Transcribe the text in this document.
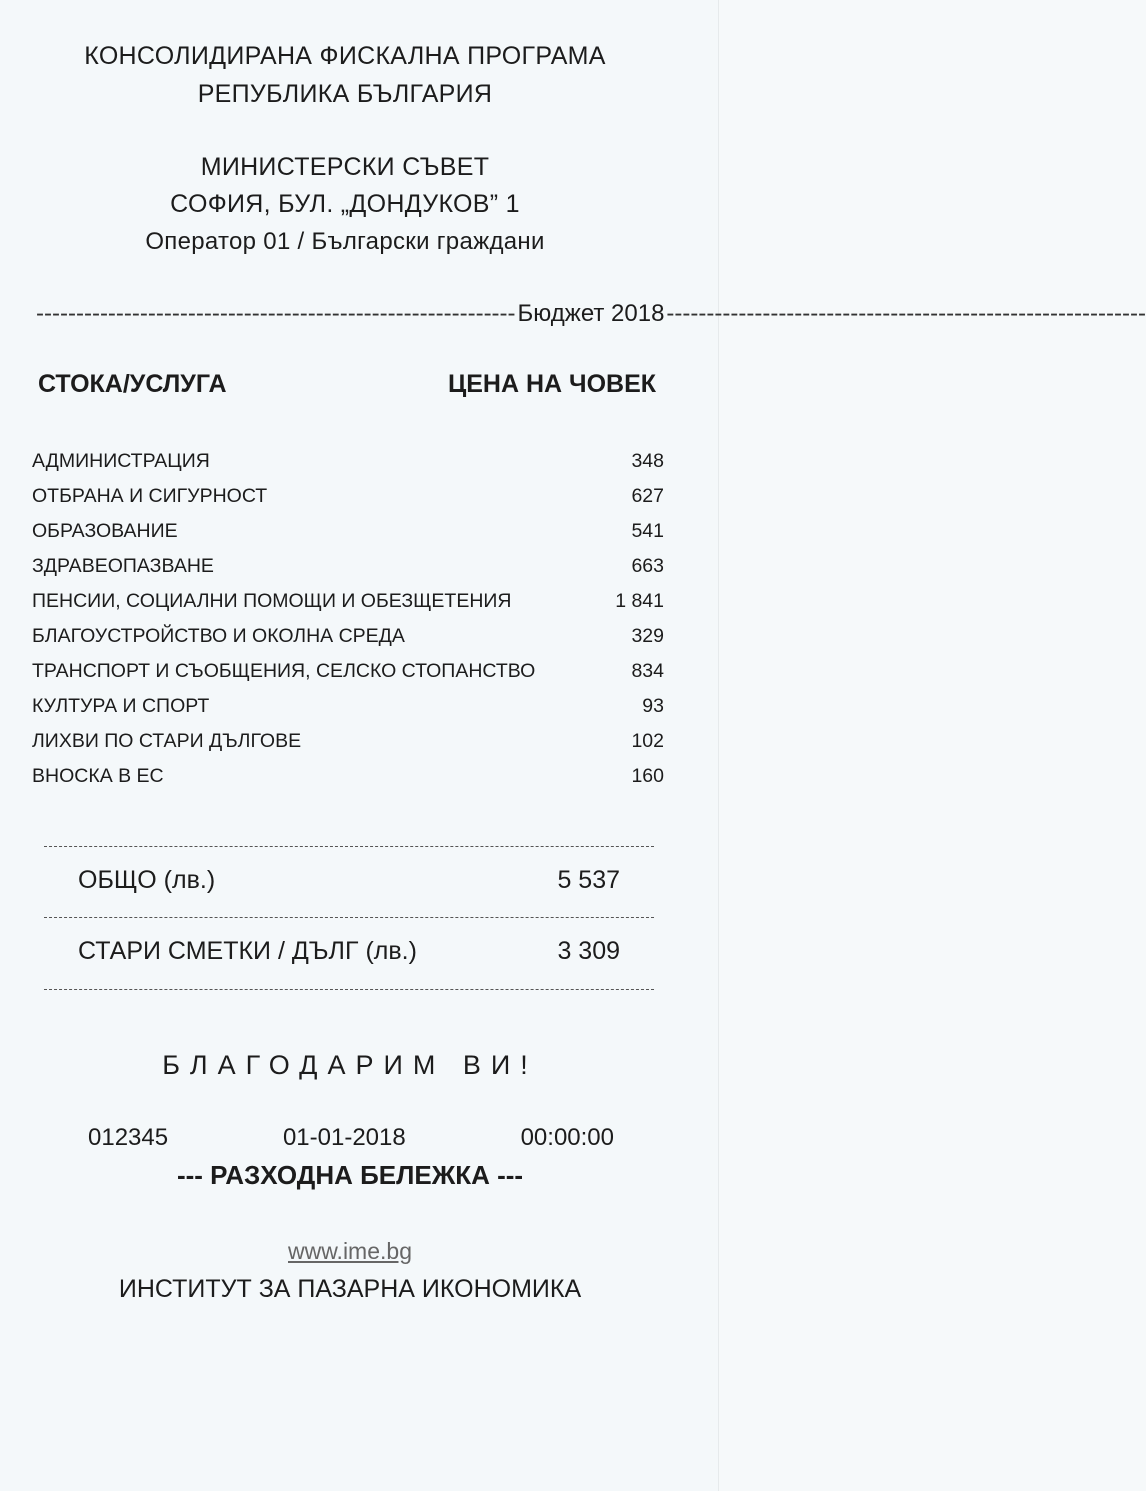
КОНСОЛИДИРАНА ФИСКАЛНА ПРОГРАМА
РЕПУБЛИКА БЪЛГАРИЯ
МИНИСТЕРСКИ СЪВЕТ
СОФИЯ, БУЛ. „ДОНДУКОВ” 1
Оператор 01 / Български граждани
------------------------------------------------------------ Бюджет 2018 ------------------------------------------------------------
СТОКА/УСЛУГА	ЦЕНА НА ЧОВЕК
АДМИНИСТРАЦИЯ	348
ОТБРАНА И СИГУРНОСТ	627
ОБРАЗОВАНИЕ	541
ЗДРАВЕОПАЗВАНЕ	663
ПЕНСИИ, СОЦИАЛНИ ПОМОЩИ И ОБЕЗЩЕТЕНИЯ	1 841
БЛАГОУСТРОЙСТВО И ОКОЛНА СРЕДА	329
ТРАНСПОРТ И СЪОБЩЕНИЯ, СЕЛСКО СТОПАНСТВО	834
КУЛТУРА И СПОРТ	93
ЛИХВИ ПО СТАРИ ДЪЛГОВЕ	102
ВНОСКА В ЕС	160
ОБЩО (лв.)	5 537
СТАРИ СМЕТКИ / ДЪЛГ (лв.)	3 309
БЛАГОДАРИМ ВИ!
012345	01-01-2018	00:00:00
--- РАЗХОДНА БЕЛЕЖКА ---
www.ime.bg
ИНСТИТУТ ЗА ПАЗАРНА ИКОНОМИКА
